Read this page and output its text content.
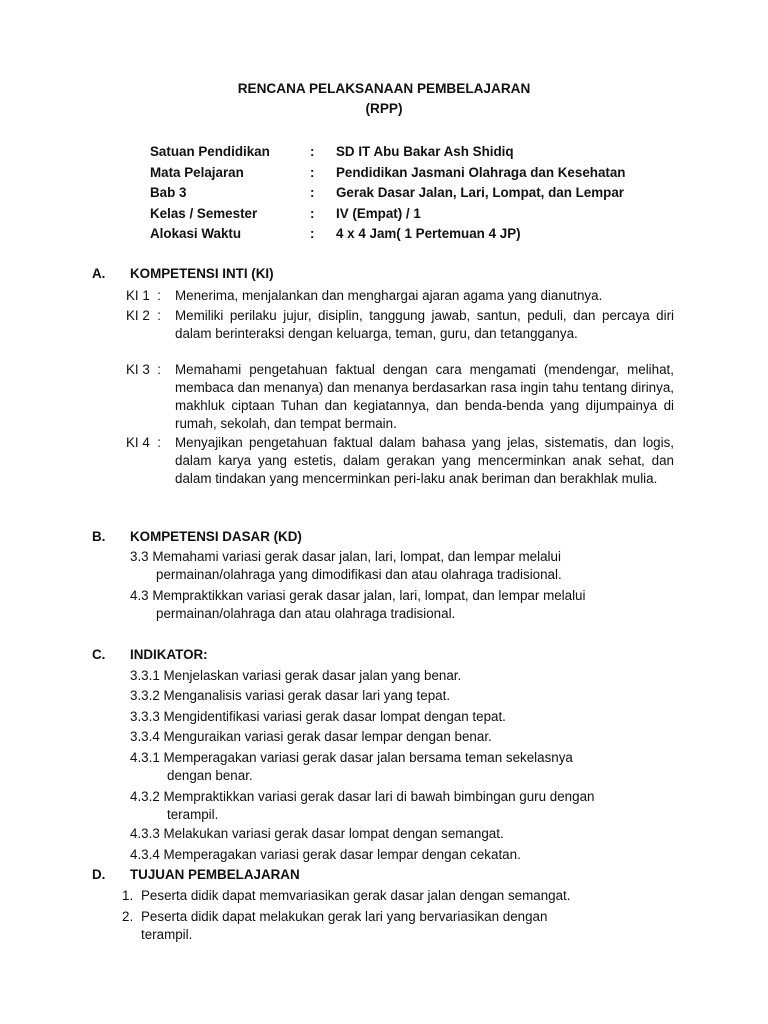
RENCANA PELAKSANAAN PEMBELAJARAN
(RPP)
Satuan Pendidikan	:	SD IT Abu Bakar Ash Shidiq
Mata Pelajaran	:	Pendidikan Jasmani Olahraga dan Kesehatan
Bab 3	:	Gerak Dasar Jalan, Lari, Lompat, dan Lempar
Kelas / Semester	:	IV (Empat) / 1
Alokasi Waktu	:	4 x 4 Jam( 1 Pertemuan 4 JP)
A. KOMPETENSI INTI (KI)
KI 1  : Menerima, menjalankan dan menghargai ajaran agama yang dianutnya.
KI 2  : Memiliki perilaku jujur, disiplin, tanggung jawab, santun, peduli, dan percaya diri dalam berinteraksi dengan keluarga, teman, guru, dan tetangganya.
KI 3  : Memahami pengetahuan faktual dengan cara mengamati (mendengar, melihat, membaca dan menanya) dan menanya berdasarkan rasa ingin tahu tentang dirinya, makhluk ciptaan Tuhan dan kegiatannya, dan benda-benda yang dijumpainya di rumah, sekolah, dan tempat bermain.
KI 4  : Menyajikan pengetahuan faktual dalam bahasa yang jelas, sistematis, dan logis, dalam karya yang estetis, dalam gerakan yang mencerminkan anak sehat, dan dalam tindakan yang mencerminkan peri-laku anak beriman dan berakhlak mulia.
B. KOMPETENSI DASAR (KD)
3.3 Memahami variasi gerak dasar jalan, lari, lompat, dan lempar melalui
permainan/olahraga yang dimodifikasi dan atau olahraga tradisional.
4.3 Mempraktikkan variasi gerak dasar jalan, lari, lompat, dan lempar melalui
permainan/olahraga dan atau olahraga tradisional.
C. INDIKATOR:
3.3.1 Menjelaskan variasi gerak dasar jalan yang benar.
3.3.2 Menganalisis variasi gerak dasar lari yang tepat.
3.3.3 Mengidentifikasi variasi gerak dasar lompat dengan tepat.
3.3.4 Menguraikan variasi gerak dasar lempar dengan benar.
4.3.1 Memperagakan variasi gerak dasar jalan bersama teman sekelasnya
dengan benar.
4.3.2 Mempraktikkan variasi gerak dasar lari di bawah bimbingan guru dengan
terampil.
4.3.3 Melakukan variasi gerak dasar lompat dengan semangat.
4.3.4 Memperagakan variasi gerak dasar lempar dengan cekatan.
D. TUJUAN PEMBELAJARAN
1. Peserta didik dapat memvariasikan gerak dasar jalan dengan semangat.
2. Peserta didik dapat melakukan gerak lari yang bervariasikan dengan
terampil.
